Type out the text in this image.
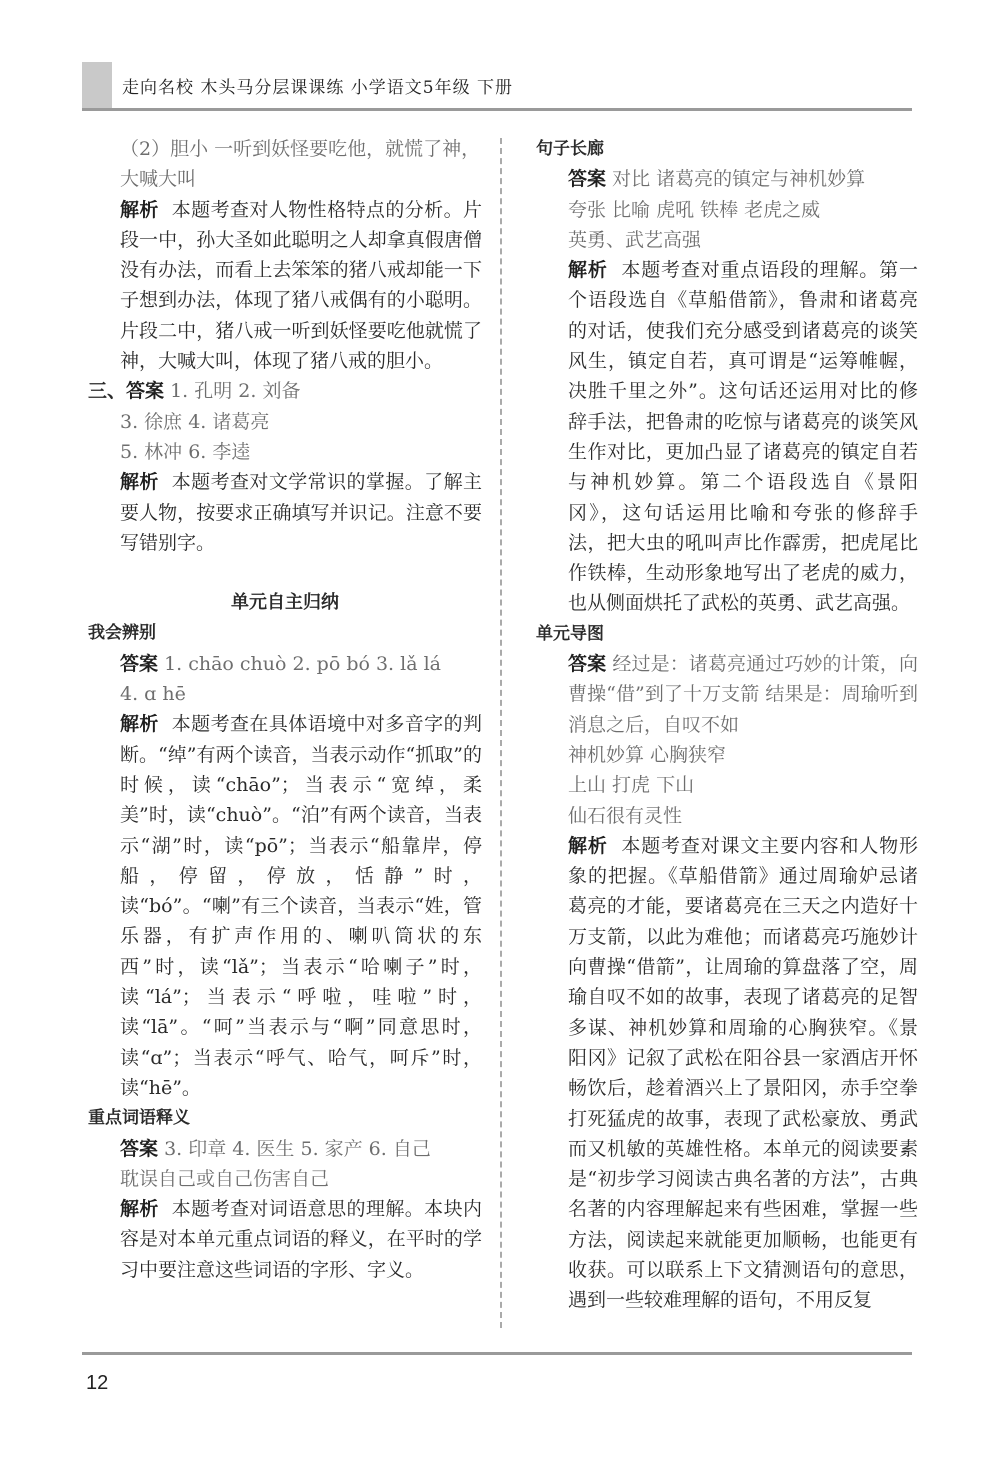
走向名校 木头马分层课课练 小学语文5年级 下册

（2）胆小 一听到妖怪要吃他，就慌了神，

大喊大叫

解析 本题考查对人物性格特点的分析。片段一中，孙大圣如此聪明之人却拿真假唐僧没有办法，而看上去笨笨的猪八戒却能一下子想到办法，体现了猪八戒偶有的小聪明。片段二中，猪八戒一听到妖怪要吃他就慌了神，大喊大叫，体现了猪八戒的胆小。

三、答案 1. 孔明 2. 刘备

3. 徐庶 4. 诸葛亮

5. 林冲 6. 李逵

解析 本题考查对文学常识的掌握。了解主要人物，按要求正确填写并识记。注意不要写错别字。

单元自主归纳

我会辨别

答案 1. chāo chuò 2. pō bó 3. lǎ lá

4. ɑ hē

解析 本题考查在具体语境中对多音字的判断。“绰”有两个读音，当表示动作“抓取”的时候，读“chāo”；当表示“宽绰，柔美”时，读“chuò”。“泊”有两个读音，当表示“湖”时，读“pō”；当表示“船靠岸，停船，停留，停放，恬静”时，读“bó”。“喇”有三个读音，当表示“姓，管乐器，有扩声作用的、喇叭筒状的东西”时，读“lǎ”；当表示“哈喇子”时，读“lá”；当表示“呼啦，哇啦”时，读“lā”。“呵”当表示与“啊”同意思时，读“ɑ”；当表示“呼气、哈气，呵斥”时，读“hē”。

重点词语释义

答案 3. 印章 4. 医生 5. 家产 6. 自己

耽误自己或自己伤害自己

解析 本题考查对词语意思的理解。本块内容是对本单元重点词语的释义，在平时的学习中要注意这些词语的字形、字义。

句子长廊

答案 对比 诸葛亮的镇定与神机妙算

夸张 比喻 虎吼 铁棒 老虎之威

英勇、武艺高强

解析 本题考查对重点语段的理解。第一个语段选自《草船借箭》，鲁肃和诸葛亮的对话，使我们充分感受到诸葛亮的谈笑风生，镇定自若，真可谓是“运筹帷幄，决胜千里之外”。这句话还运用对比的修辞手法，把鲁肃的吃惊与诸葛亮的谈笑风生作对比，更加凸显了诸葛亮的镇定自若与神机妙算。第二个语段选自《景阳冈》，这句话运用比喻和夸张的修辞手法，把大虫的吼叫声比作霹雳，把虎尾比作铁棒，生动形象地写出了老虎的威力，也从侧面烘托了武松的英勇、武艺高强。

单元导图

答案 经过是：诸葛亮通过巧妙的计策，向曹操“借”到了十万支箭 结果是：周瑜听到消息之后，自叹不如

神机妙算 心胸狭窄

上山 打虎 下山

仙石很有灵性

解析 本题考查对课文主要内容和人物形象的把握。《草船借箭》通过周瑜妒忌诸葛亮的才能，要诸葛亮在三天之内造好十万支箭，以此为难他；而诸葛亮巧施妙计向曹操“借箭”，让周瑜的算盘落了空，周瑜自叹不如的故事，表现了诸葛亮的足智多谋、神机妙算和周瑜的心胸狭窄。《景阳冈》记叙了武松在阳谷县一家酒店开怀畅饮后，趁着酒兴上了景阳冈，赤手空拳打死猛虎的故事，表现了武松豪放、勇武而又机敏的英雄性格。本单元的阅读要素是“初步学习阅读古典名著的方法”，古典名著的内容理解起来有些困难，掌握一些方法，阅读起来就能更加顺畅，也能更有收获。可以联系上下文猜测语句的意思，遇到一些较难理解的语句，不用反复

12
